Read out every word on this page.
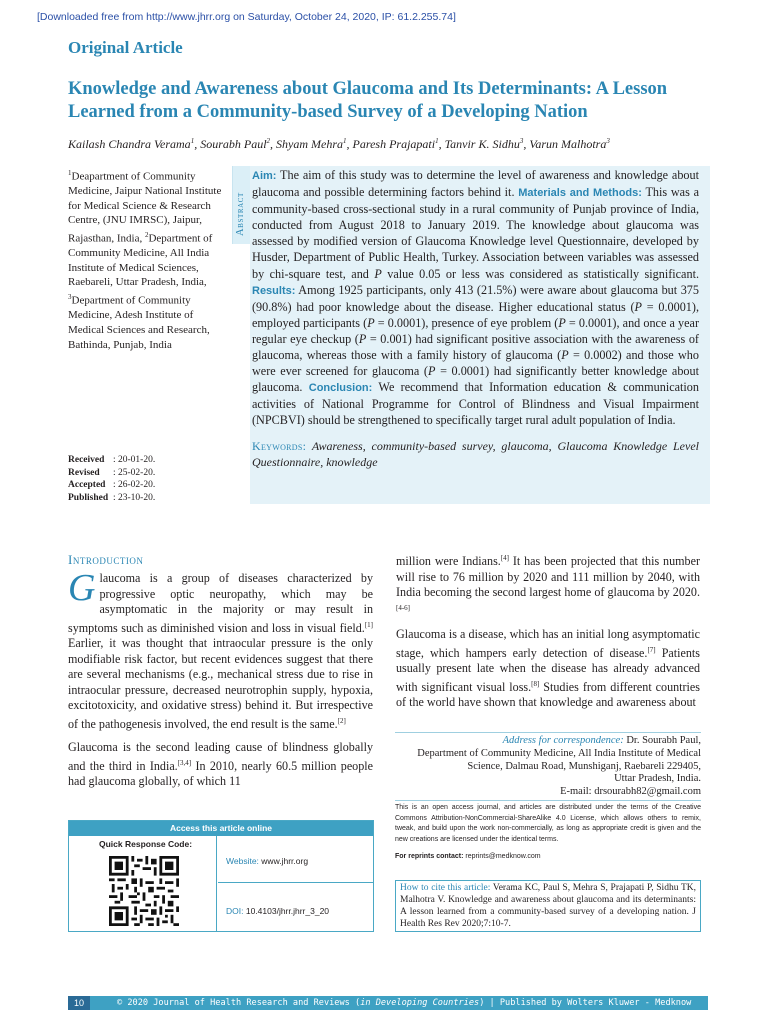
[Downloaded free from http://www.jhrr.org on Saturday, October 24, 2020, IP: 61.2.255.74]
Original Article
Knowledge and Awareness about Glaucoma and Its Determinants: A Lesson Learned from a Community-based Survey of a Developing Nation
Kailash Chandra Verama$^1$, Sourabh Paul$^2$, Shyam Mehra$^1$, Paresh Prajapati$^1$, Tanvir K. Sidhu$^3$, Varun Malhotra$^3$
$^1$Deapartment of Community Medicine, Jaipur National Institute for Medical Science & Research Centre, (JNU IMRSC), Jaipur, Rajasthan, India, $^2$Department of Community Medicine, All India Institute of Medical Sciences, Raebareli, Uttar Pradesh, India, $^3$Department of Community Medicine, Adesh Institute of Medical Sciences and Research, Bathinda, Punjab, India
Received : 20-01-20.
Revised	: 25-02-20.
Accepted : 26-02-20.
Published : 23-10-20.
Abstract
Aim: The aim of this study was to determine the level of awareness and knowledge about glaucoma and possible determining factors behind it. Materials and Methods: This was a community-based cross-sectional study in a rural community of Punjab province of India, conducted from August 2018 to January 2019. The knowledge about glaucoma was assessed by modified version of Glaucoma Knowledge level Questionnaire, developed by Husder, Department of Public Health, Turkey. Association between variables was assessed by chi-square test, and P value 0.05 or less was considered as statistically significant. Results: Among 1925 participants, only 413 (21.5%) were aware about glaucoma but 375 (90.8%) had poor knowledge about the disease. Higher educational status (P = 0.0001), employed participants (P = 0.0001), presence of eye problem (P = 0.0001), and once a year regular eye checkup (P = 0.001) had significant positive association with the awareness of glaucoma, whereas those with a family history of glaucoma (P = 0.0002) and those who were ever screened for glaucoma (P = 0.0001) had significantly better knowledge about glaucoma. Conclusion: We recommend that Information education & communication activities of National Programme for Control of Blindness and Visual Impairment (NPCBVI) should be strengthened to specifically target rural adult population of India.
Keywords: Awareness, community-based survey, glaucoma, Glaucoma Knowledge Level Questionnaire, knowledge
Introduction

Glaucoma is a group of diseases characterized by progressive optic neuropathy, which may be asymptomatic in the majority or may result in symptoms such as diminished vision and loss in visual field.[1] Earlier, it was thought that intraocular pressure is the only modifiable risk factor, but recent evidences suggest that there are several mechanisms (e.g., mechanical stress due to rise in intraocular pressure, decreased neurotrophin supply, hypoxia, excitotoxicity, and oxidative stress) behind it. But irrespective of the pathogenesis involved, the end result is the same.[2]

Glaucoma is the second leading cause of blindness globally and the third in India.[3,4] In 2010, nearly 60.5 million people had glaucoma globally, of which 11

million were Indians.[4] It has been projected that this number will rise to 76 million by 2020 and 111 million by 2040, with India becoming the second largest home of glaucoma by 2020.[4-6]

Glaucoma is a disease, which has an initial long asymptomatic stage, which hampers early detection of disease.[7] Patients usually present late when the disease has already advanced with significant visual loss.[8] Studies from different countries of the world have shown that knowledge and awareness about

Address for correspondence: Dr. Sourabh Paul,
Department of Community Medicine, All India Institute of Medical
Science, Dalmau Road, Munshiganj, Raebareli 229405,
Uttar Pradesh, India.
E-mail: drsourabh82@gmail.com
This is an open access journal, and articles are distributed under the terms of the Creative Commons Attribution-NonCommercial-ShareAlike 4.0 License, which allows others to remix, tweak, and build upon the work non-commercially, as long as appropriate credit is given and the new creations are licensed under the identical terms.
For reprints contact: reprints@medknow.com
How to cite this article: Verama KC, Paul S, Mehra S, Prajapati P, Sidhu TK, Malhotra V. Knowledge and awareness about glaucoma and its determinants: A lesson learned from a community-based survey of a developing nation. J Health Res Rev 2020;7:10-7.
Access this article online
Quick Response Code:
Website: www.jhrr.org
DOI: 10.4103/jhrr.jhrr_3_20
10	© 2020 Journal of Health Research and Reviews (in Developing Countries) | Published by Wolters Kluwer - Medknow
